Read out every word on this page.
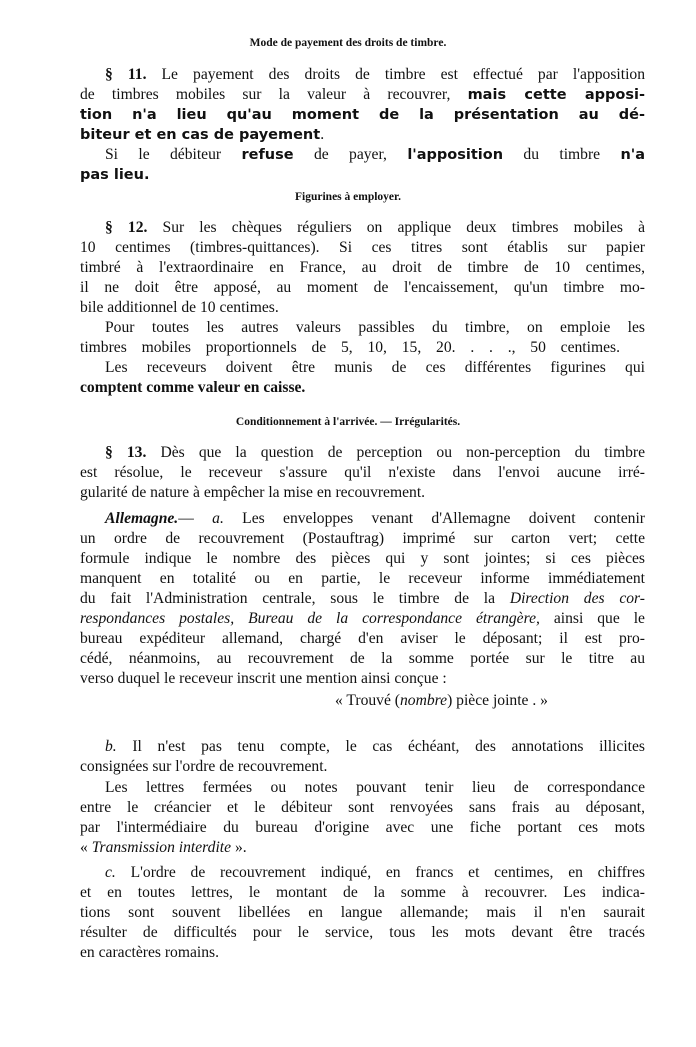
Mode de payement des droits de timbre.
§ 11. Le payement des droits de timbre est effectué par l'apposition
de timbres mobiles sur la valeur à recouvrer, mais cette apposi-
tion n'a lieu qu'au moment de la présentation au dé-
biteur et en cas de payement.
Si le débiteur refuse de payer, l'apposition du timbre n'a
pas lieu.
Figurines à employer.
§ 12. Sur les chèques réguliers on applique deux timbres mobiles à
10 centimes (timbres-quittances). Si ces titres sont établis sur papier
timbré à l'extraordinaire en France, au droit de timbre de 10 centimes,
il ne doit être apposé, au moment de l'encaissement, qu'un timbre mo-
bile additionnel de 10 centimes.
Pour toutes les autres valeurs passibles du timbre, on emploie les
timbres mobiles proportionnels de 5, 10, 15, 20. . . ., 50 centimes.
Les receveurs doivent être munis de ces différentes figurines qui
comptent comme valeur en caisse.
Conditionnement à l'arrivée. — Irrégularités.
§ 13. Dès que la question de perception ou non-perception du timbre
est résolue, le receveur s'assure qu'il n'existe dans l'envoi aucune irré-
gularité de nature à empêcher la mise en recouvrement.
Allemagne.— a. Les enveloppes venant d'Allemagne doivent contenir
un ordre de recouvrement (Postauftrag) imprimé sur carton vert; cette
formule indique le nombre des pièces qui y sont jointes; si ces pièces
manquent en totalité ou en partie, le receveur informe immédiatement
du fait l'Administration centrale, sous le timbre de la Direction des cor-
respondances postales, Bureau de la correspondance étrangère, ainsi que le
bureau expéditeur allemand, chargé d'en aviser le déposant; il est pro-
cédé, néanmoins, au recouvrement de la somme portée sur le titre au
verso duquel le receveur inscrit une mention ainsi conçue :
« Trouvé (nombre) pièce jointe . »
b. Il n'est pas tenu compte, le cas échéant, des annotations illicites
consignées sur l'ordre de recouvrement.
Les lettres fermées ou notes pouvant tenir lieu de correspondance
entre le créancier et le débiteur sont renvoyées sans frais au déposant,
par l'intermédiaire du bureau d'origine avec une fiche portant ces mots
« Transmission interdite ».
c. L'ordre de recouvrement indiqué, en francs et centimes, en chiffres
et en toutes lettres, le montant de la somme à recouvrer. Les indica-
tions sont souvent libellées en langue allemande; mais il n'en saurait
résulter de difficultés pour le service, tous les mots devant être tracés
en caractères romains.
